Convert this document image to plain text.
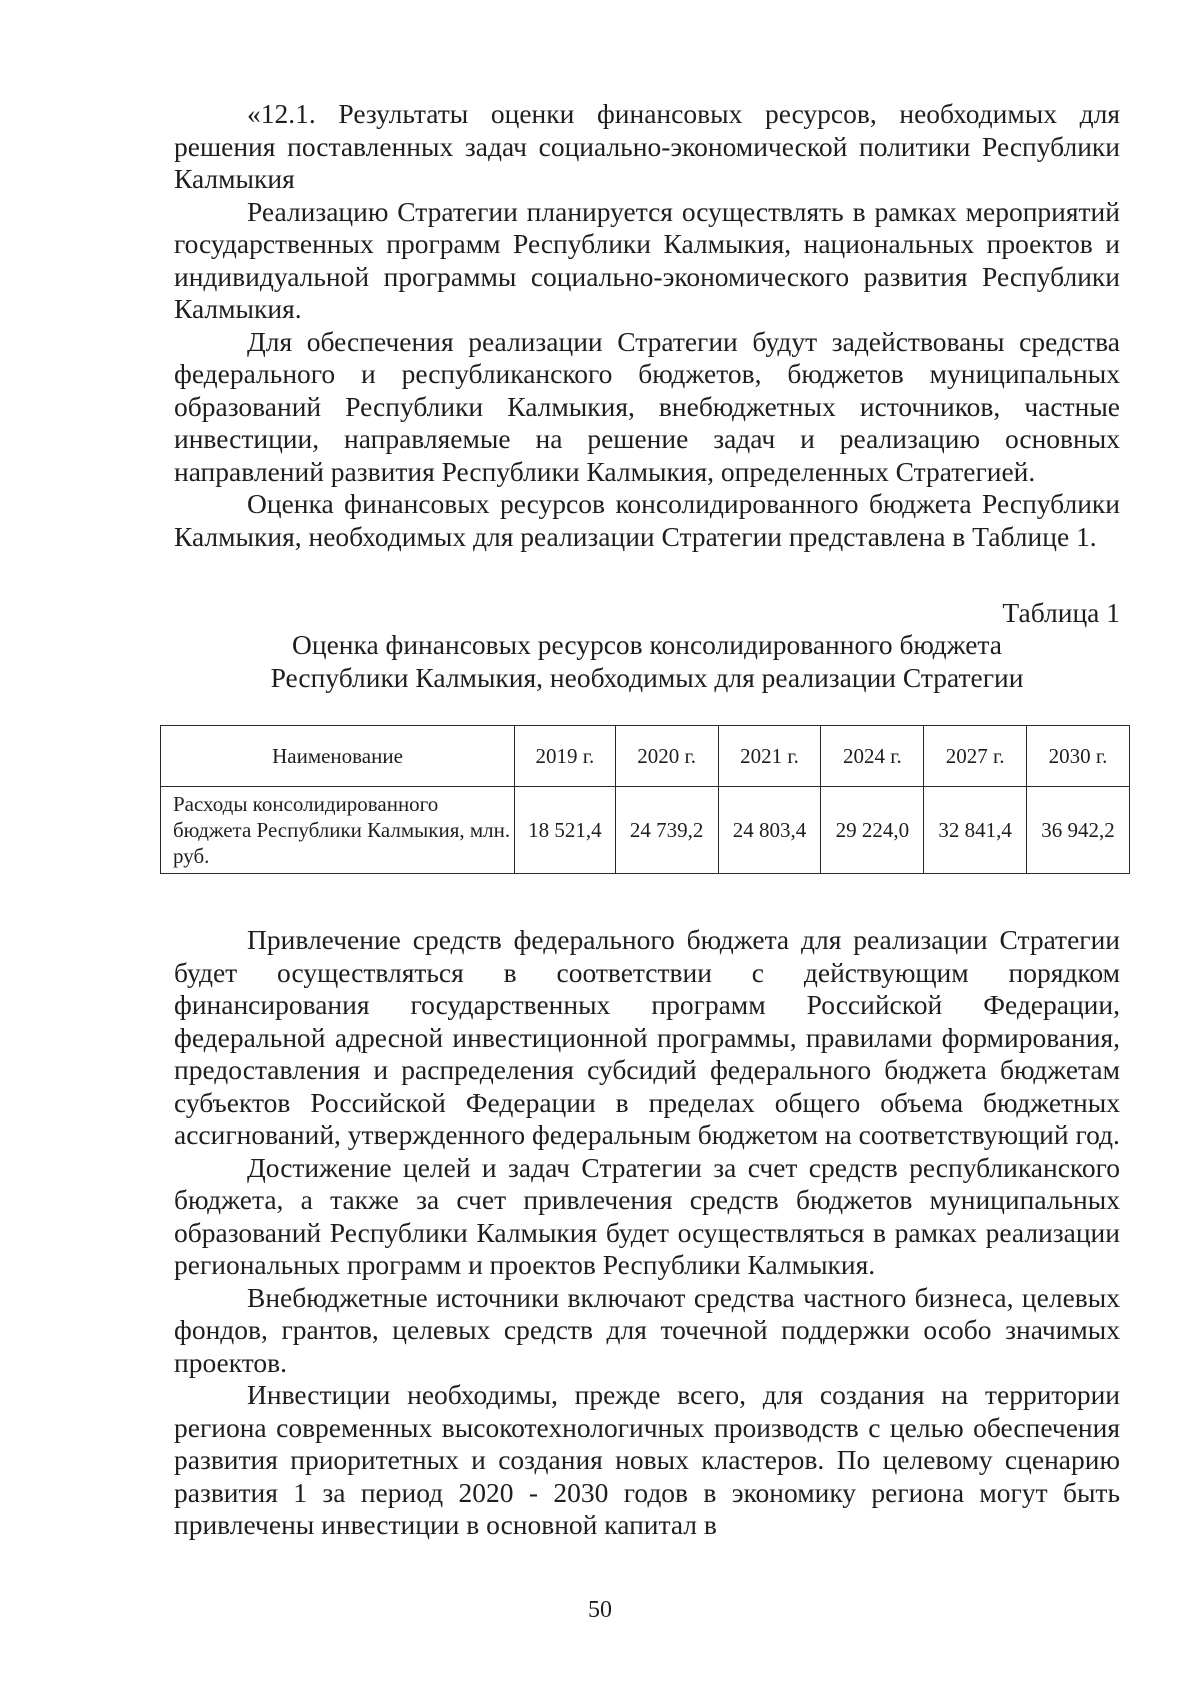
«12.1. Результаты оценки финансовых ресурсов, необходимых для решения поставленных задач социально-экономической политики Республики Калмыкия

Реализацию Стратегии планируется осуществлять в рамках мероприятий государственных программ Республики Калмыкия, национальных проектов и индивидуальной программы социально-экономического развития Республики Калмыкия.

Для обеспечения реализации Стратегии будут задействованы средства федерального и республиканского бюджетов, бюджетов муниципальных образований Республики Калмыкия, внебюджетных источников, частные инвестиции, направляемые на решение задач и реализацию основных направлений развития Республики Калмыкия, определенных Стратегией.

Оценка финансовых ресурсов консолидированного бюджета Республики Калмыкия, необходимых для реализации Стратегии представлена в Таблице 1.

Таблица 1

Оценка финансовых ресурсов консолидированного бюджета

Республики Калмыкия, необходимых для реализации Стратегии

Наименование	2019 г.	2020 г.	2021 г.	2024 г.	2027 г.	2030 г.
Расходы консолидированного бюджета Республики Калмыкия, млн. руб.	18 521,4	24 739,2	24 803,4	29 224,0	32 841,4	36 942,2

Привлечение средств федерального бюджета для реализации Стратегии будет осуществляться в соответствии с действующим порядком финансирования государственных программ Российской Федерации, федеральной адресной инвестиционной программы, правилами формирования, предоставления и распределения субсидий федерального бюджета бюджетам субъектов Российской Федерации в пределах общего объема бюджетных ассигнований, утвержденного федеральным бюджетом на соответствующий год.

Достижение целей и задач Стратегии за счет средств республиканского бюджета, а также за счет привлечения средств бюджетов муниципальных образований Республики Калмыкия будет осуществляться в рамках реализации региональных программ и проектов Республики Калмыкия.

Внебюджетные источники включают средства частного бизнеса, целевых фондов, грантов, целевых средств для точечной поддержки особо значимых проектов.

Инвестиции необходимы, прежде всего, для создания на территории региона современных высокотехнологичных производств с целью обеспечения развития приоритетных и создания новых кластеров. По целевому сценарию развития 1 за период 2020 - 2030 годов в экономику региона могут быть привлечены инвестиции в основной капитал в

50
